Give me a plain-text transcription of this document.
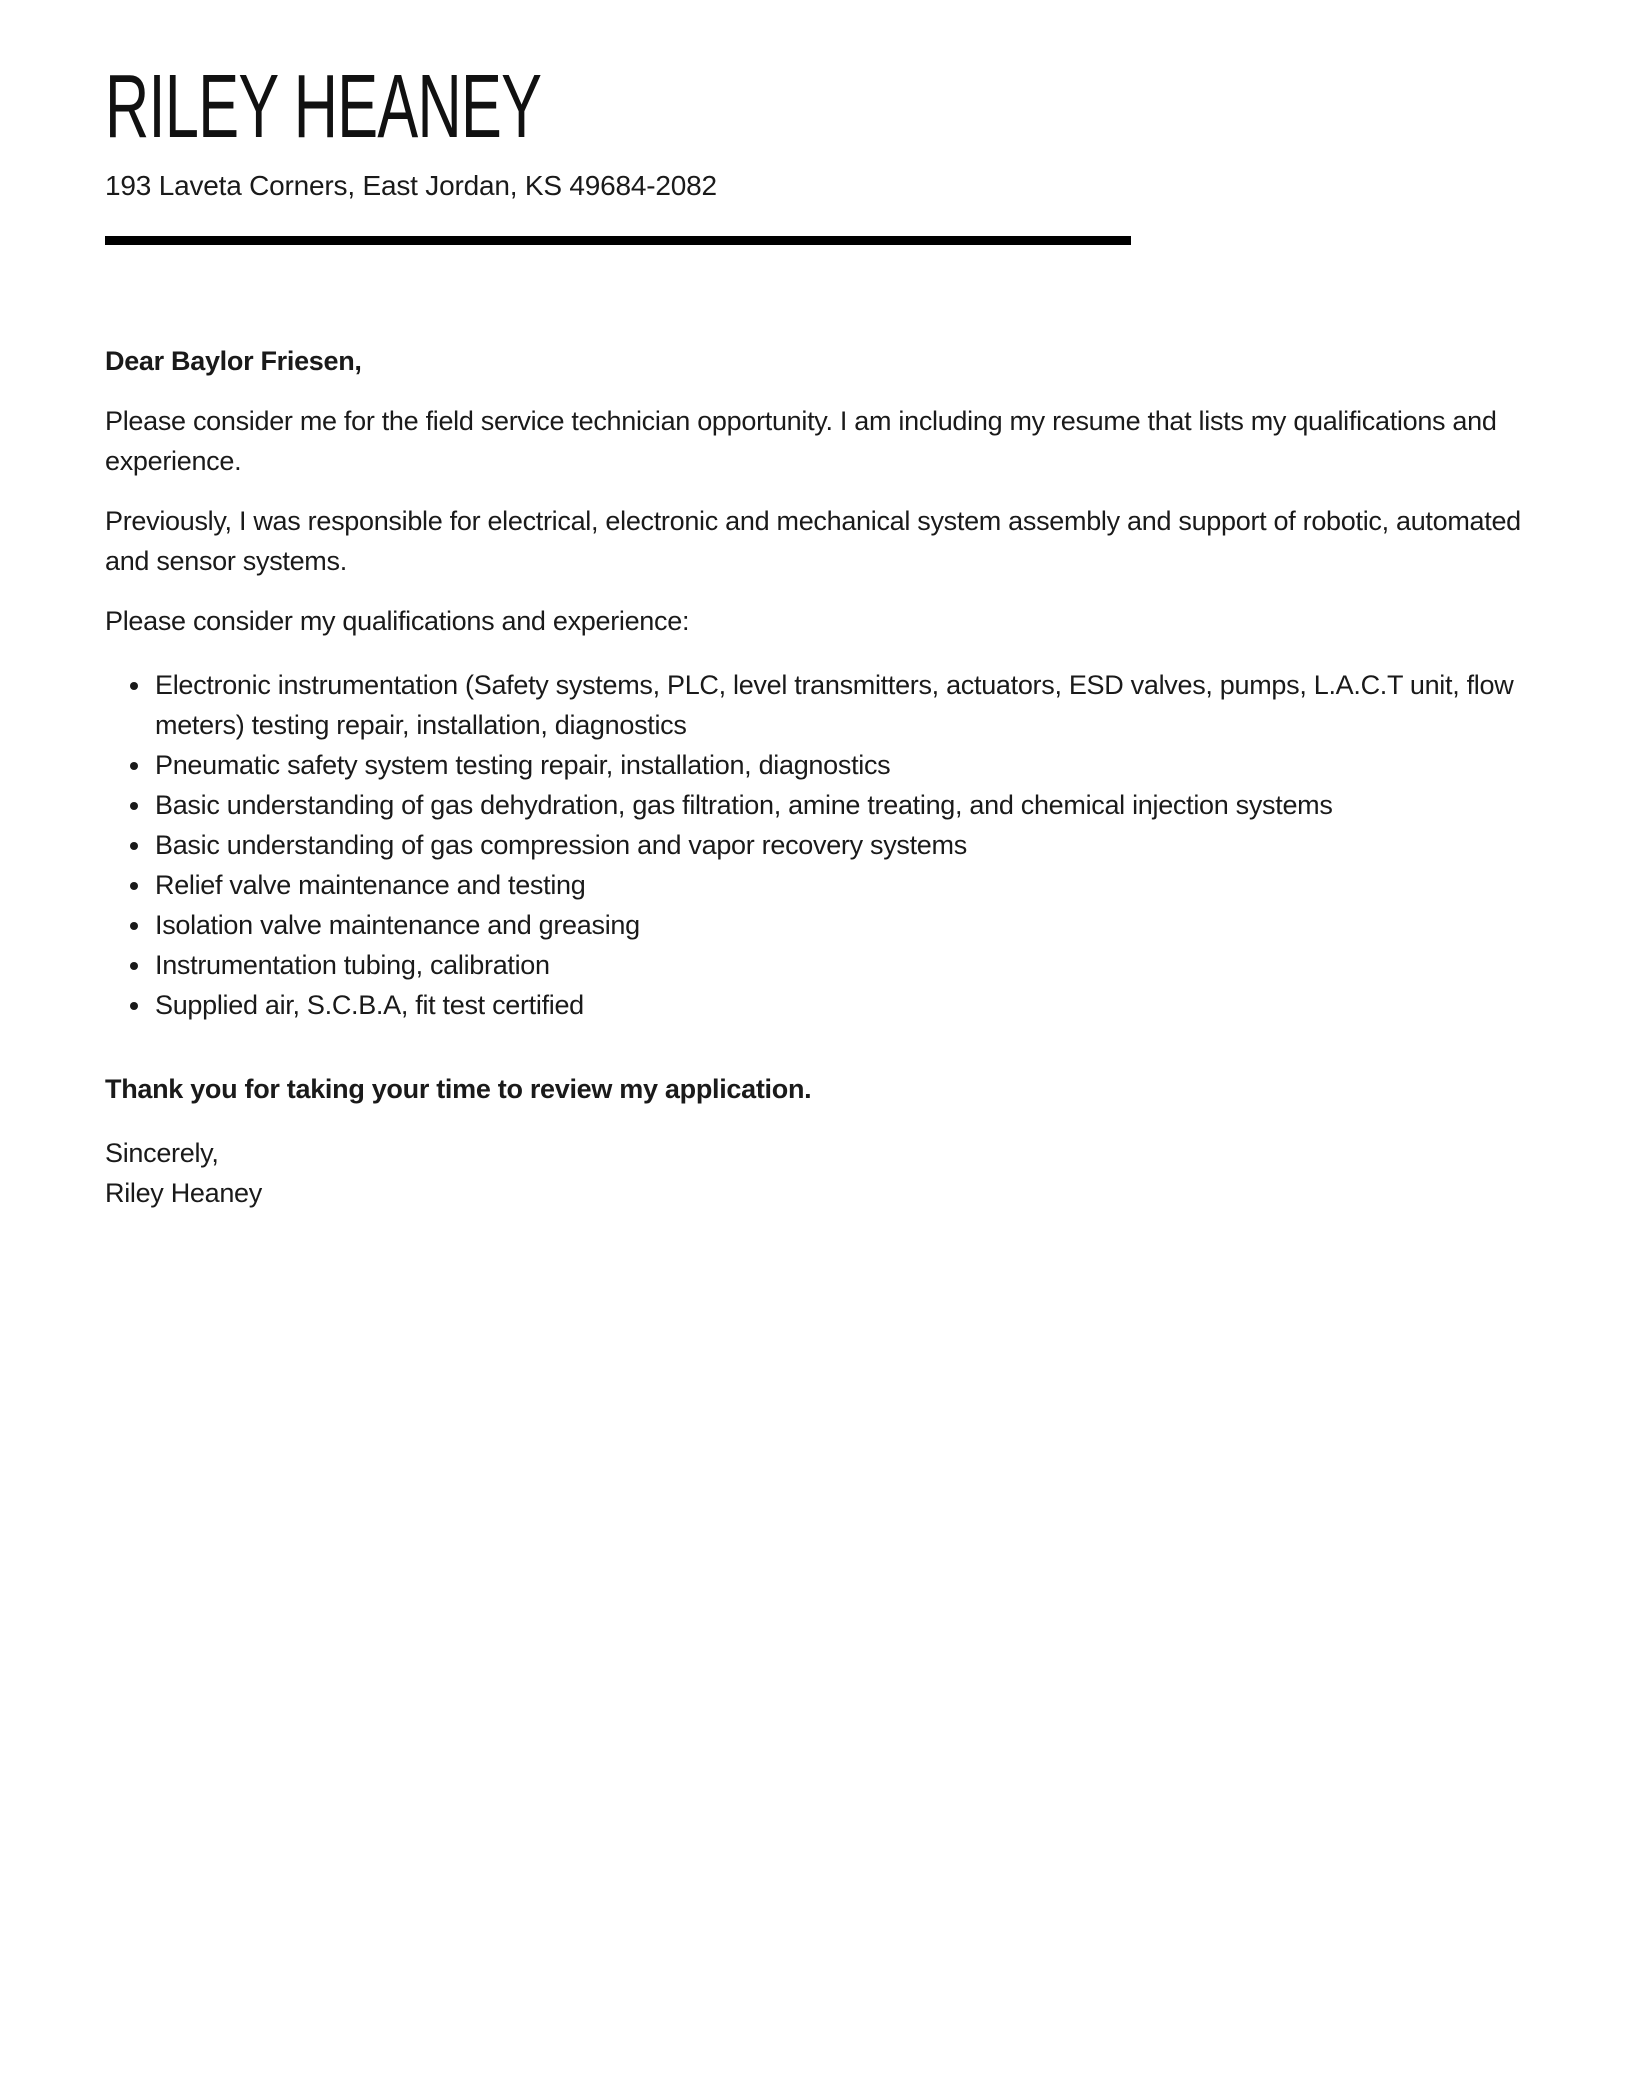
RILEY HEANEY
193 Laveta Corners, East Jordan, KS 49684-2082

Dear Baylor Friesen,

Please consider me for the field service technician opportunity. I am including my resume that lists my qualifications and experience.

Previously, I was responsible for electrical, electronic and mechanical system assembly and support of robotic, automated and sensor systems.

Please consider my qualifications and experience:

• Electronic instrumentation (Safety systems, PLC, level transmitters, actuators, ESD valves, pumps, L.A.C.T unit, flow meters) testing repair, installation, diagnostics
• Pneumatic safety system testing repair, installation, diagnostics
• Basic understanding of gas dehydration, gas filtration, amine treating, and chemical injection systems
• Basic understanding of gas compression and vapor recovery systems
• Relief valve maintenance and testing
• Isolation valve maintenance and greasing
• Instrumentation tubing, calibration
• Supplied air, S.C.B.A, fit test certified

Thank you for taking your time to review my application.

Sincerely,

Riley Heaney
